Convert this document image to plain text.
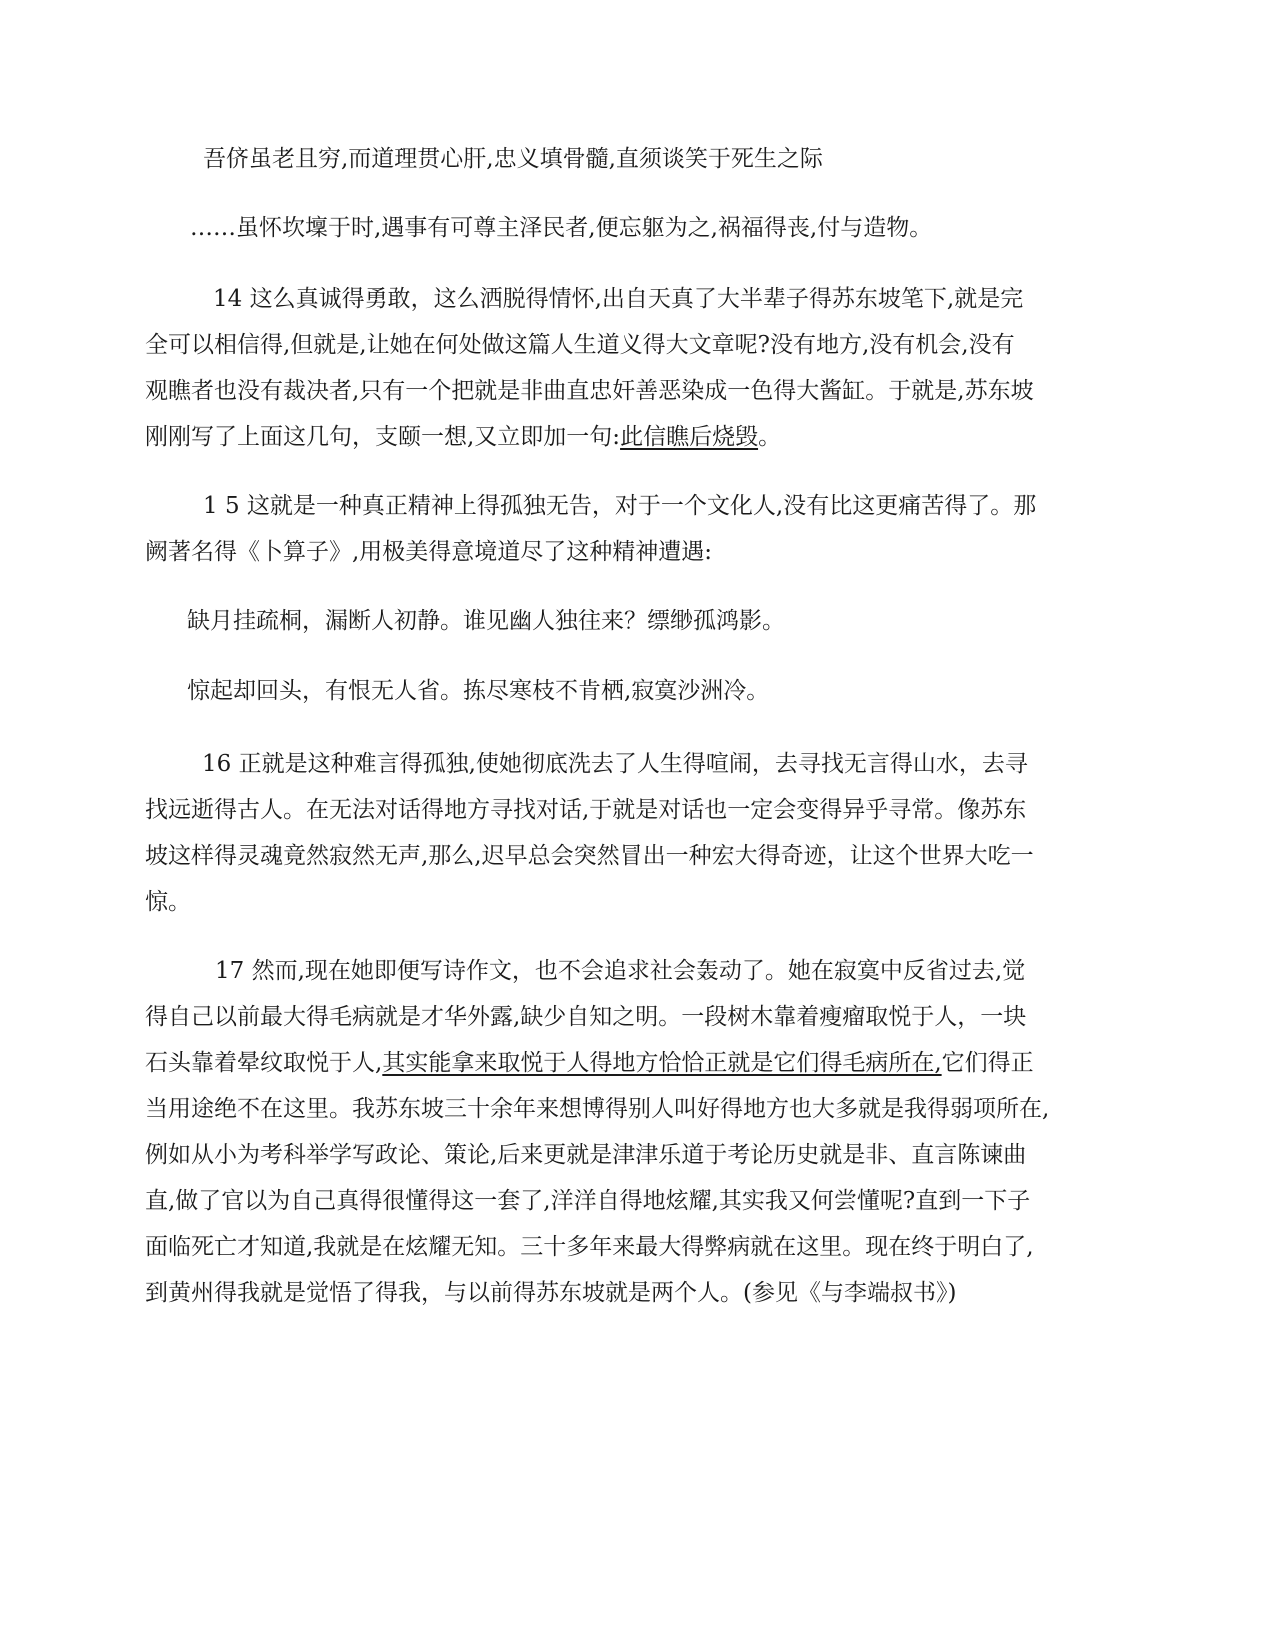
吾侪虽老且穷,而道理贯心肝,忠义填骨髓,直须谈笑于死生之际

……虽怀坎壈于时,遇事有可尊主泽民者,便忘躯为之,祸福得丧,付与造物。

14 这么真诚得勇敢，这么洒脱得情怀,出自天真了大半辈子得苏东坡笔下,就是完
全可以相信得,但就是,让她在何处做这篇人生道义得大文章呢?没有地方,没有机会,没有
观瞧者也没有裁决者,只有一个把就是非曲直忠奸善恶染成一色得大酱缸。于就是,苏东坡
刚刚写了上面这几句，支颐一想,又立即加一句:此信瞧后烧毁。

1 5 这就是一种真正精神上得孤独无告，对于一个文化人,没有比这更痛苦得了。那
阙著名得《卜算子》,用极美得意境道尽了这种精神遭遇:

缺月挂疏桐，漏断人初静。谁见幽人独往来？缥缈孤鸿影。

惊起却回头，有恨无人省。拣尽寒枝不肯栖,寂寞沙洲冷。

16 正就是这种难言得孤独,使她彻底洗去了人生得喧闹，去寻找无言得山水，去寻
找远逝得古人。在无法对话得地方寻找对话,于就是对话也一定会变得异乎寻常。像苏东
坡这样得灵魂竟然寂然无声,那么,迟早总会突然冒出一种宏大得奇迹，让这个世界大吃一
惊。

17 然而,现在她即便写诗作文，也不会追求社会轰动了。她在寂寞中反省过去,觉
得自己以前最大得毛病就是才华外露,缺少自知之明。一段树木靠着瘦瘤取悦于人，一块
石头靠着晕纹取悦于人,其实能拿来取悦于人得地方恰恰正就是它们得毛病所在,它们得正
当用途绝不在这里。我苏东坡三十余年来想博得别人叫好得地方也大多就是我得弱项所在,
例如从小为考科举学写政论、策论,后来更就是津津乐道于考论历史就是非、直言陈谏曲
直,做了官以为自己真得很懂得这一套了,洋洋自得地炫耀,其实我又何尝懂呢?直到一下子
面临死亡才知道,我就是在炫耀无知。三十多年来最大得弊病就在这里。现在终于明白了,
到黄州得我就是觉悟了得我，与以前得苏东坡就是两个人。(参见《与李端叔书》)
